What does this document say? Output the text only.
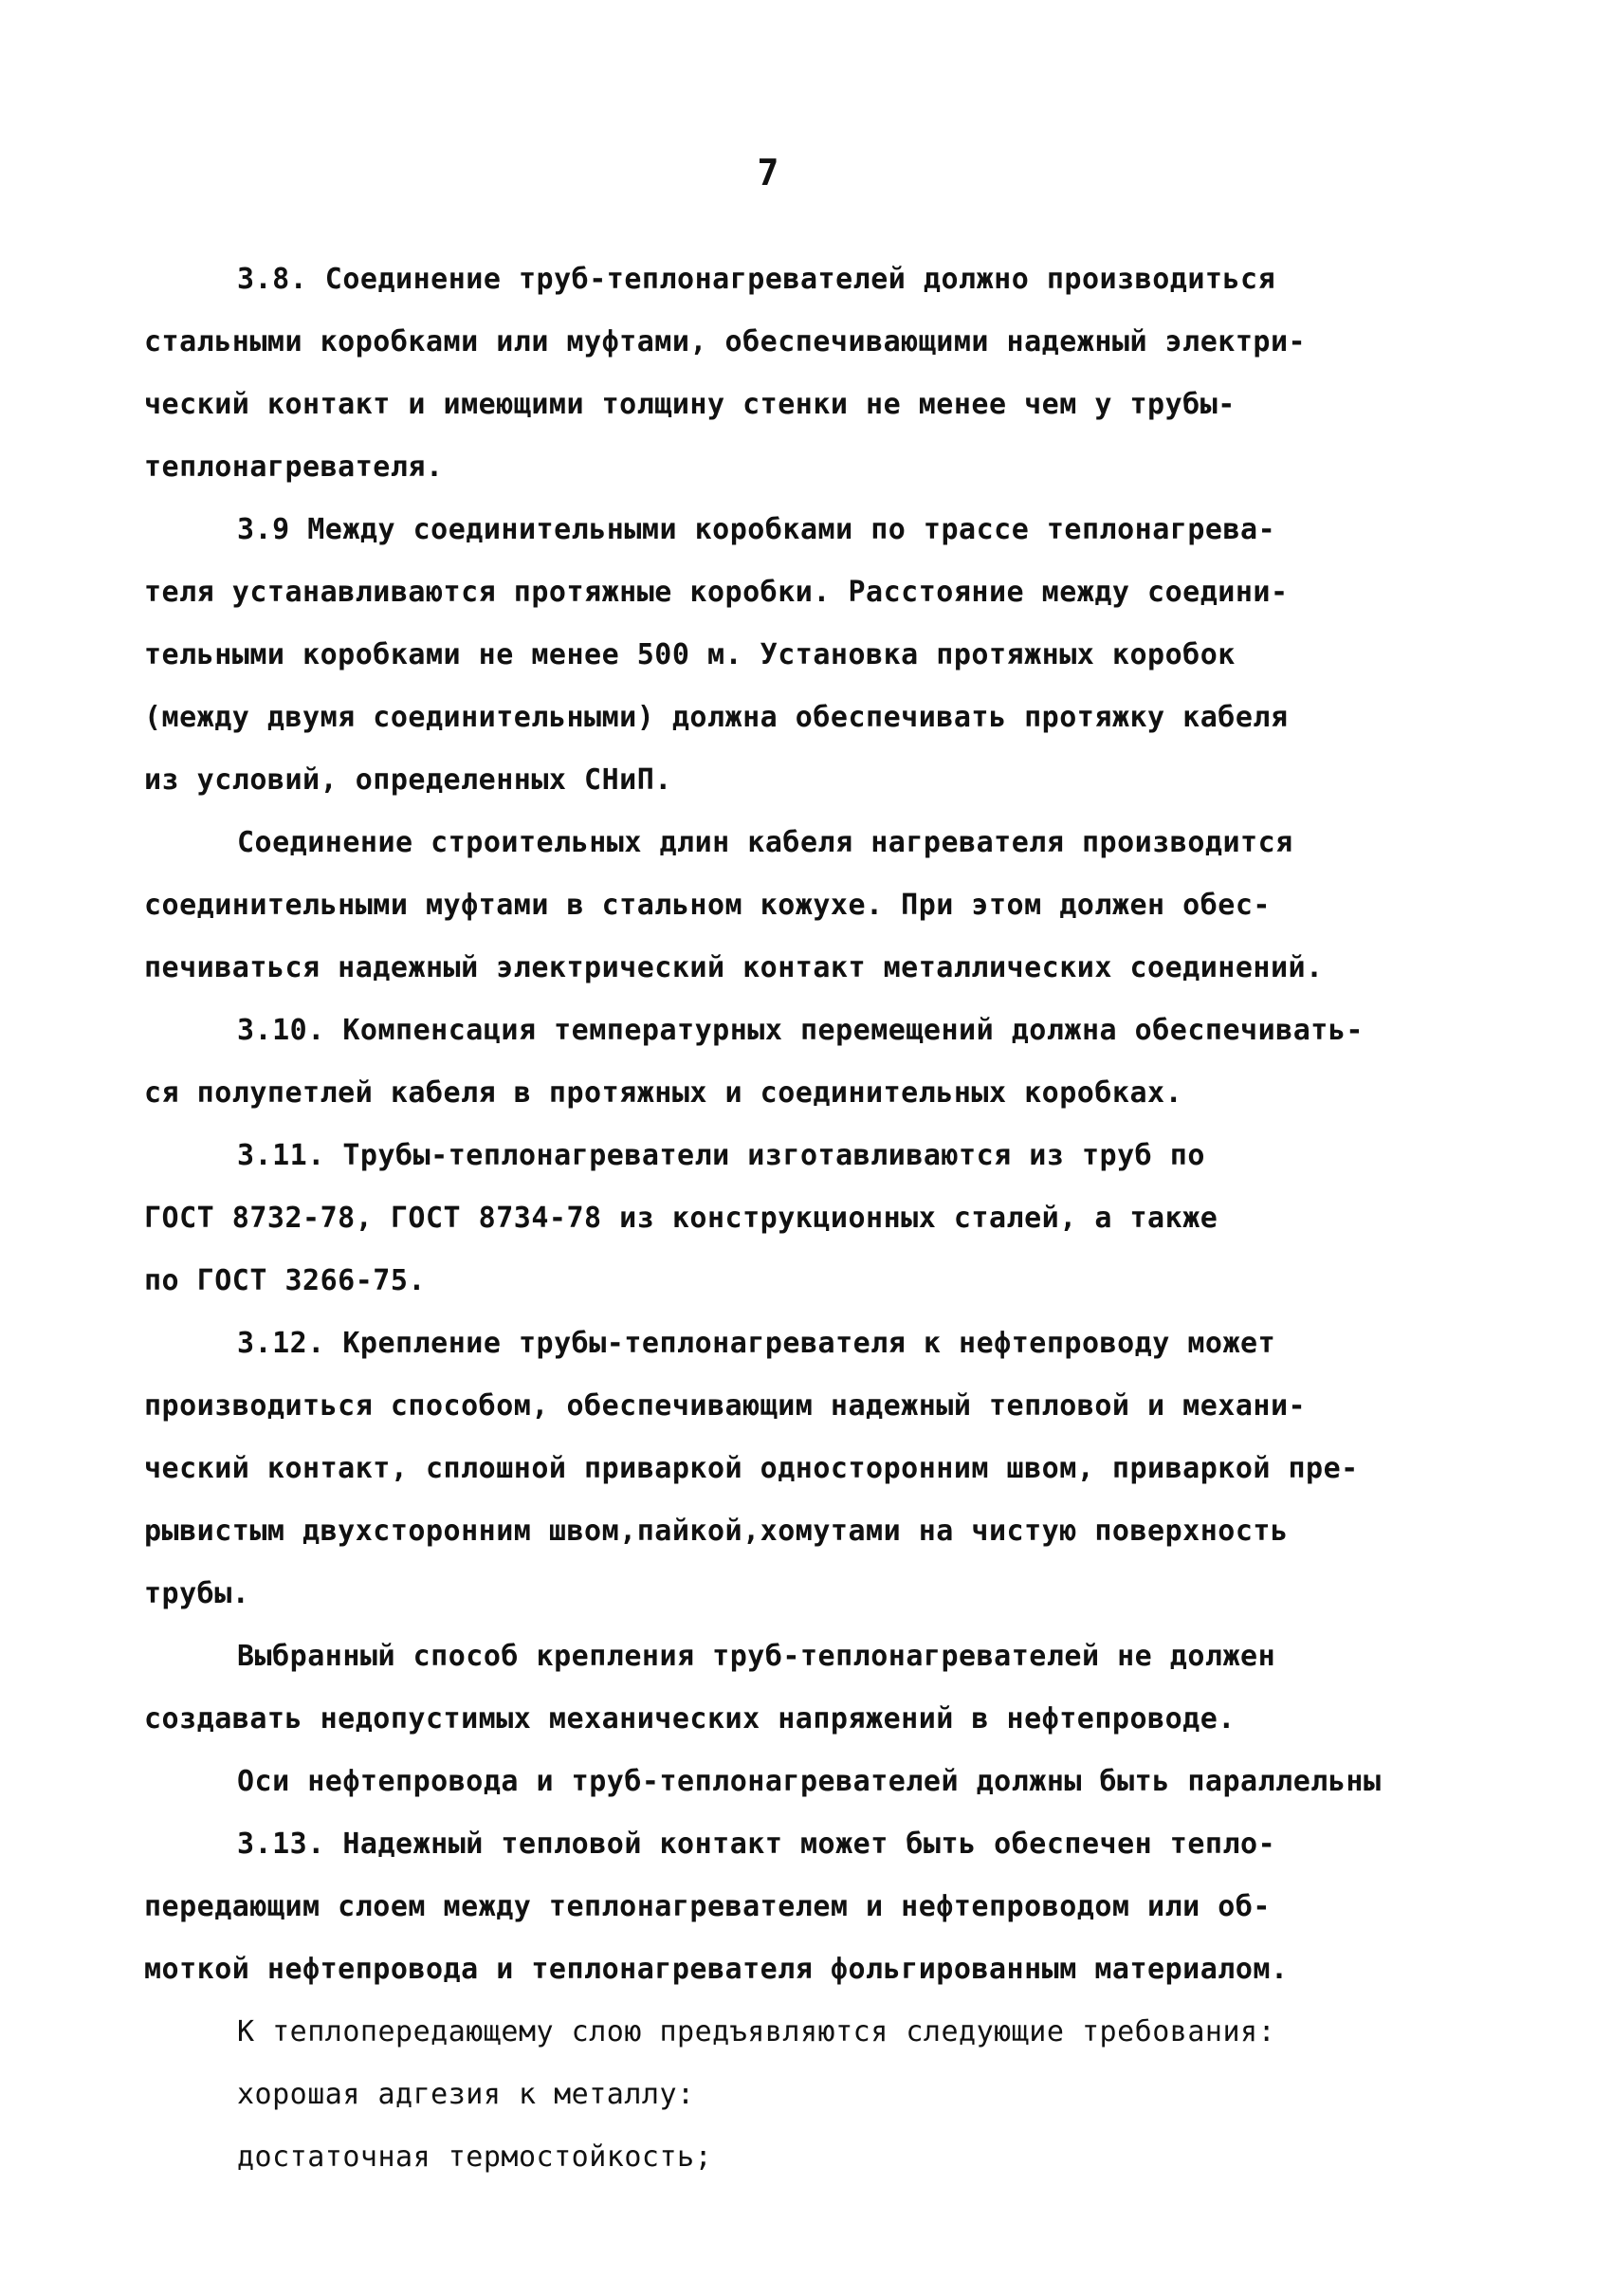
7
3.8. Соединение труб-теплонагревателей должно производиться
стальными коробками или муфтами, обеспечивающими надежный электри-
ческий контакт и имеющими толщину стенки не менее чем у трубы-
теплонагревателя.
3.9 Между соединительными коробками по трассе теплонагрева-
теля устанавливаются протяжные коробки. Расстояние между соедини-
тельными коробками не менее 500 м. Установка протяжных коробок
(между двумя соединительными) должна обеспечивать протяжку кабеля
из условий, определенных СНиП.
Соединение строительных длин кабеля нагревателя производится
соединительными муфтами в стальном кожухе. При этом должен обес-
печиваться надежный электрический контакт металлических соединений.
3.10. Компенсация температурных перемещений должна обеспечивать-
ся полупетлей кабеля в протяжных и соединительных коробках.
3.11. Трубы-теплонагреватели изготавливаются из труб по
ГОСТ 8732-78, ГОСТ 8734-78 из конструкционных сталей, а также
по ГОСТ 3266-75.
3.12. Крепление трубы-теплонагревателя к нефтепроводу может
производиться способом, обеспечивающим надежный тепловой и механи-
ческий контакт, сплошной приваркой односторонним швом, приваркой пре-
рывистым двухсторонним швом,пайкой,хомутами на чистую поверхность
трубы.
Выбранный способ крепления труб-теплонагревателей не должен
создавать недопустимых механических напряжений в нефтепроводе.
Оси нефтепровода и труб-теплонагревателей должны быть параллельны
3.13. Надежный тепловой контакт может быть обеспечен тепло-
передающим слоем между теплонагревателем и нефтепроводом или об-
моткой нефтепровода и теплонагревателя фольгированным материалом.
К теплопередающему слою предъявляются следующие требования:
хорошая адгезия к металлу:
достаточная термостойкость;
